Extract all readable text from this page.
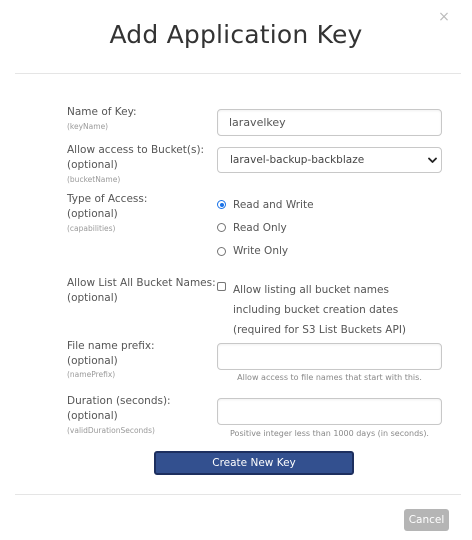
Add Application Key
×
Name of Key:
(keyName)
laravelkey
Allow access to Bucket(s):
(optional)
(bucketName)
laravel-backup-backblaze
Type of Access:
(optional)
(capabilities)
Read and Write
Read Only
Write Only
Allow List All Bucket Names:
(optional)
Allow listing all bucket names including bucket creation dates (required for S3 List Buckets API)
File name prefix:
(optional)
(namePrefix)	Allow access to file names that start with this.
Duration (seconds):
(optional)
(validDurationSeconds)	Positive integer less than 1000 days (in seconds).
Create New Key
Cancel
